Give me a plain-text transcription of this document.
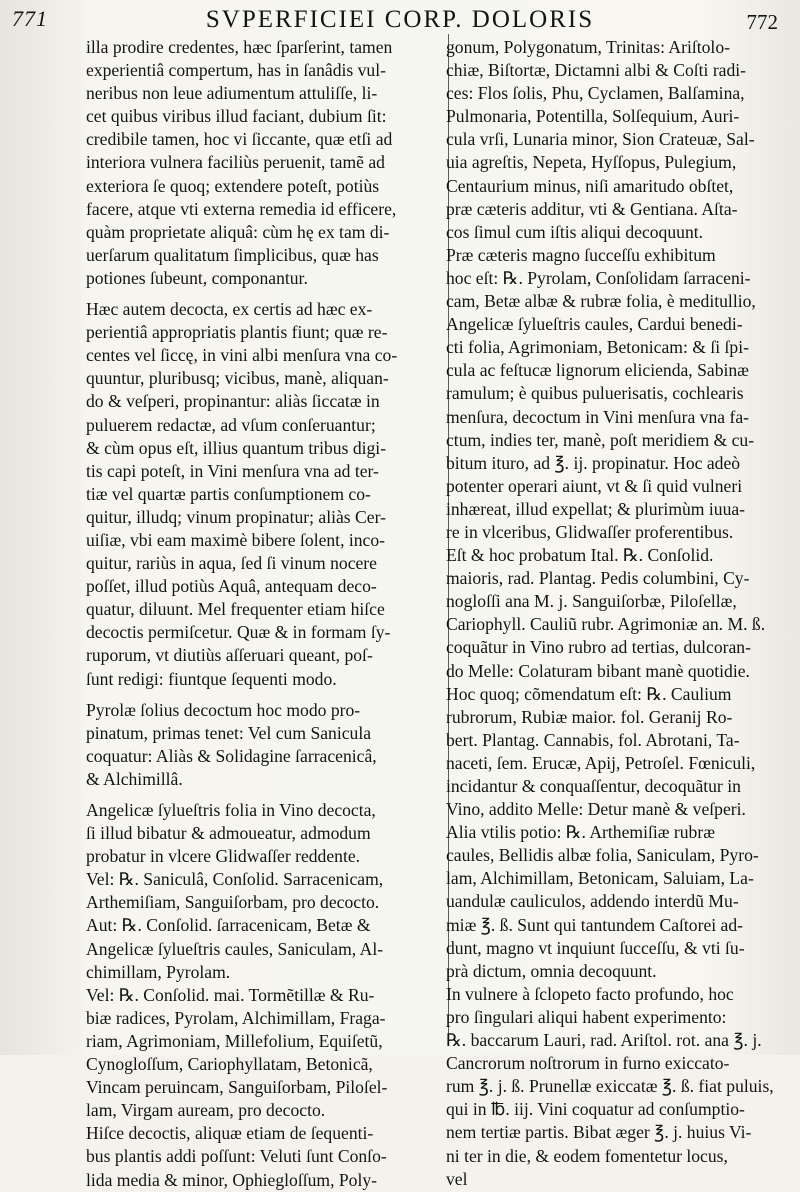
771	SVPERFICIEI CORP. DOLORIS	772
illa prodire credentes, hæc ſparſerint, tamen
experientiâ compertum, has in ſanâdis vul-
neribus non leue adiumentum attuliſſe, li-
cet quibus viribus illud faciant, dubium ſit:
credibile tamen, hoc vi ſiccante, quæ etſi ad
interiora vulnera faciliùs peruenit, tamẽ ad
exteriora ſe quoq; extendere poteſt, potiùs
facere, atque vti externa remedia id efficere,
quàm proprietate aliquâ: cùm hę ex tam di-
uerſarum qualitatum ſimplicibus, quæ has
potiones ſubeunt, componantur.
Hæc autem decocta, ex certis ad hæc ex-
perientiâ appropriatis plantis fiunt; quæ re-
centes vel ſiccę, in vini albi menſura vna co-
quuntur, pluribusq; vicibus, manè, aliquan-
do & veſperi, propinantur: aliàs ſiccatæ in
puluerem redactæ, ad vſum conſeruantur;
& cùm opus eſt, illius quantum tribus digi-
tis capi poteſt, in Vini menſura vna ad ter-
tiæ vel quartæ partis conſumptionem co-
quitur, illudq; vinum propinatur; aliàs Cer-
uiſiæ, vbi eam maximè bibere ſolent, inco-
quitur, rariùs in aqua, ſed ſi vinum nocere
poſſet, illud potiùs Aquâ, antequam deco-
quatur, diluunt. Mel frequenter etiam hiſce
decoctis permiſcetur. Quæ & in formam ſy-
ruporum, vt diutiùs aſſeruari queant, poſ-
ſunt redigi: fiuntque ſequenti modo.
Pyrolæ ſolius decoctum hoc modo pro-
pinatum, primas tenet: Vel cum Sanicula
coquatur: Aliàs & Solidagine ſarracenicâ,
& Alchimillâ.
Angelicæ ſylueſtris folia in Vino decocta,
ſi illud bibatur & admoueatur, admodum
probatur in vlcere Glidwaſſer reddente.
Vel: ℞. Saniculâ, Conſolid. Sarracenicam,
Arthemiſiam, Sanguiſorbam, pro decocto.
Aut: ℞. Conſolid. ſarracenicam, Betæ &
Angelicæ ſylueſtris caules, Saniculam, Al-
chimillam, Pyrolam.
Vel: ℞. Conſolid. mai. Tormẽtillæ & Ru-
biæ radices, Pyrolam, Alchimillam, Fraga-
riam, Agrimoniam, Millefolium, Equiſetũ,
Cynogloſſum, Cariophyllatam, Betonicã,
Vincam peruincam, Sanguiſorbam, Piloſel-
lam, Virgam auream, pro decocto.
Hiſce decoctis, aliquæ etiam de ſequenti-
bus plantis addi poſſunt: Veluti ſunt Conſo-
lida media & minor, Ophiegloſſum, Poly-
gonum, Polygonatum, Trinitas: Ariſtolo-
chiæ, Biſtortæ, Dictamni albi & Coſti radi-
ces: Flos ſolis, Phu, Cyclamen, Balſamina,
Pulmonaria, Potentilla, Solſequium, Auri-
cula vrſi, Lunaria minor, Sion Crateuæ, Sal-
uia agreſtis, Nepeta, Hyſſopus, Pulegium,
Centaurium minus, niſi amaritudo obſtet,
præ cæteris additur, vti & Gentiana. Aſta-
cos ſimul cum iſtis aliqui decoquunt.
Præ cæteris magno ſucceſſu exhibitum
hoc eſt: ℞. Pyrolam, Conſolidam ſarraceni-
cam, Betæ albæ & rubræ folia, è meditullio,
Angelicæ ſylueſtris caules, Cardui benedi-
cti folia, Agrimoniam, Betonicam: & ſi ſpi-
cula ac feſtucæ lignorum elicienda, Sabinæ
ramulum; è quibus puluerisatis, cochlearis
menſura, decoctum in Vini menſura vna fa-
ctum, indies ter, manè, poſt meridiem & cu-
bitum ituro, ad ℥. ij. propinatur. Hoc adeò
potenter operari aiunt, vt & ſi quid vulneri
inhæreat, illud expellat; & plurimùm iuua-
re in vlceribus, Glidwaſſer proferentibus.
Eſt & hoc probatum Ital. ℞. Conſolid.
maioris, rad. Plantag. Pedis columbini, Cy-
nogloſſi ana M. j. Sanguiſorbæ, Piloſellæ,
Cariophyll. Cauliũ rubr. Agrimoniæ an. M. ß.
coquãtur in Vino rubro ad tertias, dulcoran-
do Melle: Colaturam bibant manè quotidie.
Hoc quoq; cõmendatum eſt: ℞. Caulium
rubrorum, Rubiæ maior. fol. Geranij Ro-
bert. Plantag. Cannabis, fol. Abrotani, Ta-
naceti, ſem. Erucæ, Apij, Petroſel. Fœniculi,
incidantur & conquaſſentur, decoquãtur in
Vino, addito Melle: Detur manè & veſperi.
Alia vtilis potio: ℞. Arthemiſiæ rubræ
caules, Bellidis albæ folia, Saniculam, Pyro-
lam, Alchimillam, Betonicam, Saluiam, La-
uandulæ cauliculos, addendo interdũ Mu-
miæ ℥. ß. Sunt qui tantundem Caſtorei ad-
dunt, magno vt inquiunt ſucceſſu, & vti ſu-
prà dictum, omnia decoquunt.
In vulnere à ſclopeto facto profundo, hoc
pro ſingulari aliqui habent experimento:
℞. baccarum Lauri, rad. Ariſtol. rot. ana ℥. j.
Cancrorum noſtrorum in furno exiccato-
rum ℥. j. ß. Prunellæ exiccatæ ℥. ß. fiat puluis,
qui in ℔. iij. Vini coquatur ad conſumptio-
nem tertiæ partis. Bibat æger ℥. j. huius Vi-
ni ter in die, & eodem fomentetur locus,
vel
